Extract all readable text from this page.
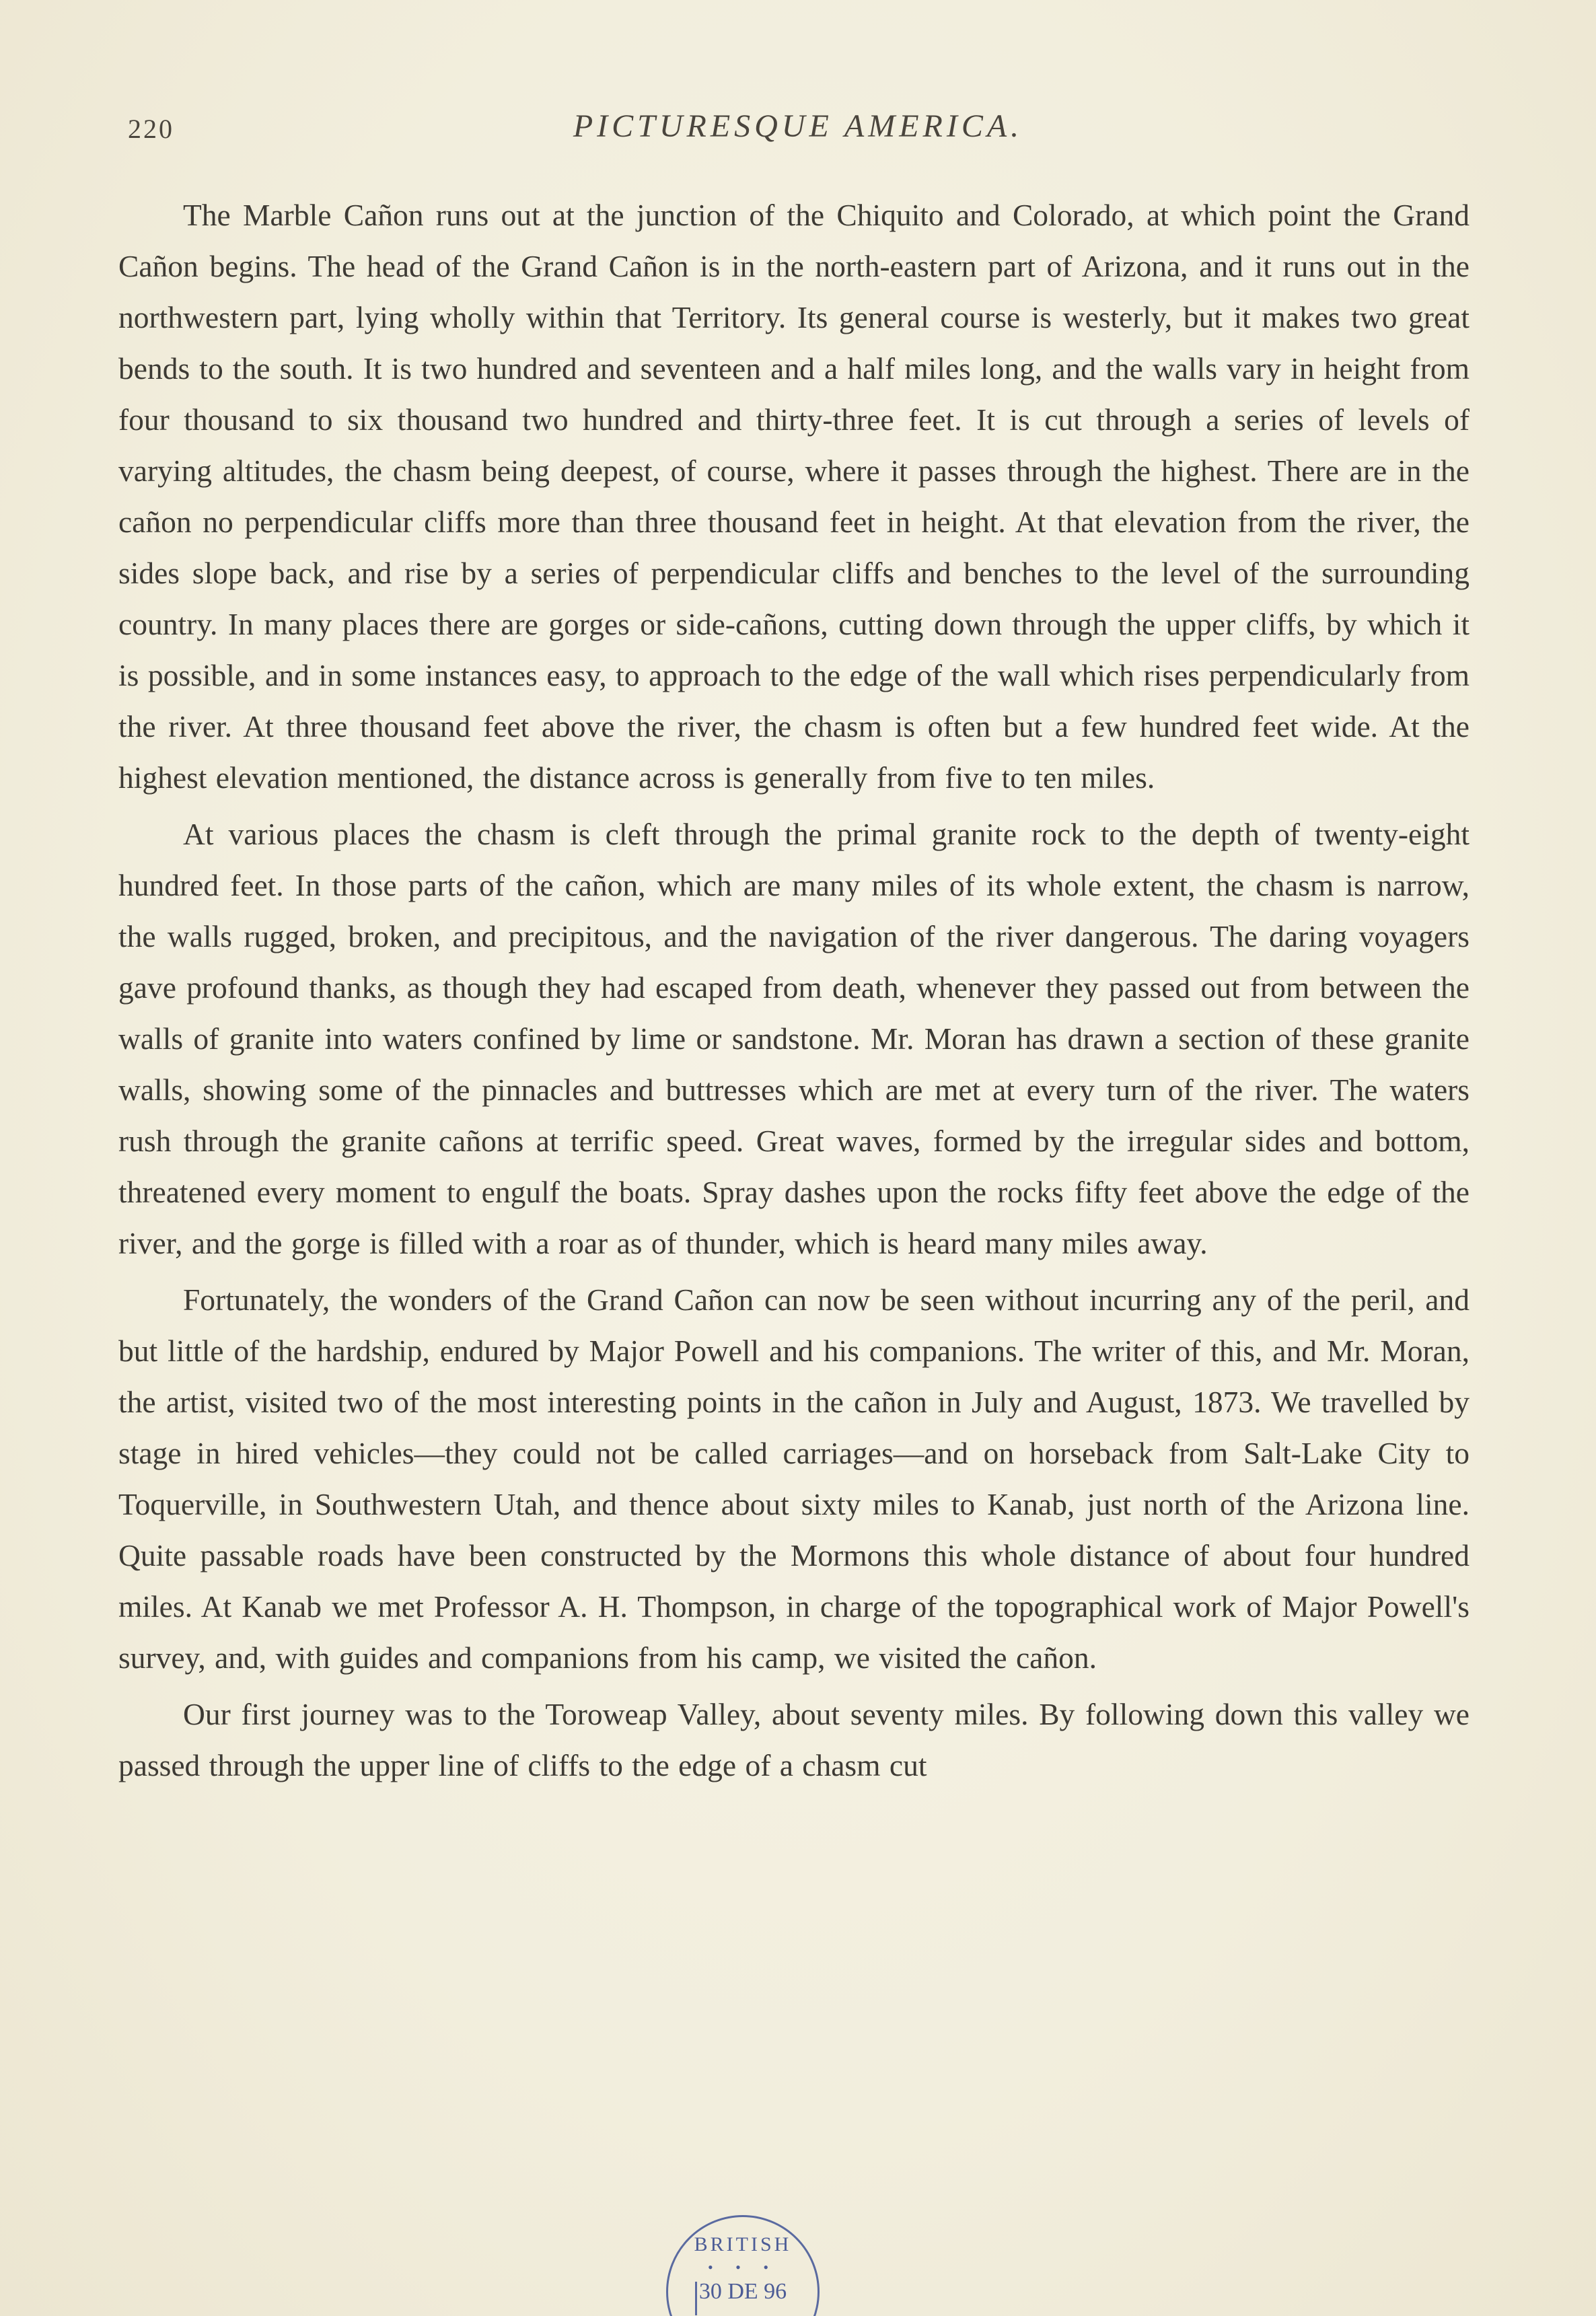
220	PICTURESQUE AMERICA.

The Marble Cañon runs out at the junction of the Chiquito and Colorado, at which point the Grand Cañon begins. The head of the Grand Cañon is in the north-eastern part of Arizona, and it runs out in the northwestern part, lying wholly within that Territory. Its general course is westerly, but it makes two great bends to the south. It is two hundred and seventeen and a half miles long, and the walls vary in height from four thousand to six thousand two hundred and thirty-three feet. It is cut through a series of levels of varying altitudes, the chasm being deepest, of course, where it passes through the highest. There are in the cañon no perpendicular cliffs more than three thousand feet in height. At that elevation from the river, the sides slope back, and rise by a series of perpendicular cliffs and benches to the level of the surrounding country. In many places there are gorges or side-cañons, cutting down through the upper cliffs, by which it is possible, and in some instances easy, to approach to the edge of the wall which rises perpendicularly from the river. At three thousand feet above the river, the chasm is often but a few hundred feet wide. At the highest elevation mentioned, the distance across is generally from five to ten miles.

At various places the chasm is cleft through the primal granite rock to the depth of twenty-eight hundred feet. In those parts of the cañon, which are many miles of its whole extent, the chasm is narrow, the walls rugged, broken, and precipitous, and the navigation of the river dangerous. The daring voyagers gave profound thanks, as though they had escaped from death, whenever they passed out from between the walls of granite into waters confined by lime or sandstone. Mr. Moran has drawn a section of these granite walls, showing some of the pinnacles and buttresses which are met at every turn of the river. The waters rush through the granite cañons at terrific speed. Great waves, formed by the irregular sides and bottom, threatened every moment to engulf the boats. Spray dashes upon the rocks fifty feet above the edge of the river, and the gorge is filled with a roar as of thunder, which is heard many miles away.

Fortunately, the wonders of the Grand Cañon can now be seen without incurring any of the peril, and but little of the hardship, endured by Major Powell and his companions. The writer of this, and Mr. Moran, the artist, visited two of the most interesting points in the cañon in July and August, 1873. We travelled by stage in hired vehicles—they could not be called carriages—and on horseback from Salt-Lake City to Toquerville, in Southwestern Utah, and thence about sixty miles to Kanab, just north of the Arizona line. Quite passable roads have been constructed by the Mormons this whole distance of about four hundred miles. At Kanab we met Professor A. H. Thompson, in charge of the topographical work of Major Powell's survey, and, with guides and companions from his camp, we visited the cañon.

Our first journey was to the Toroweap Valley, about seventy miles. By following down this valley we passed through the upper line of cliffs to the edge of a chasm cut

BRITISH
• • •
30 DE 96
